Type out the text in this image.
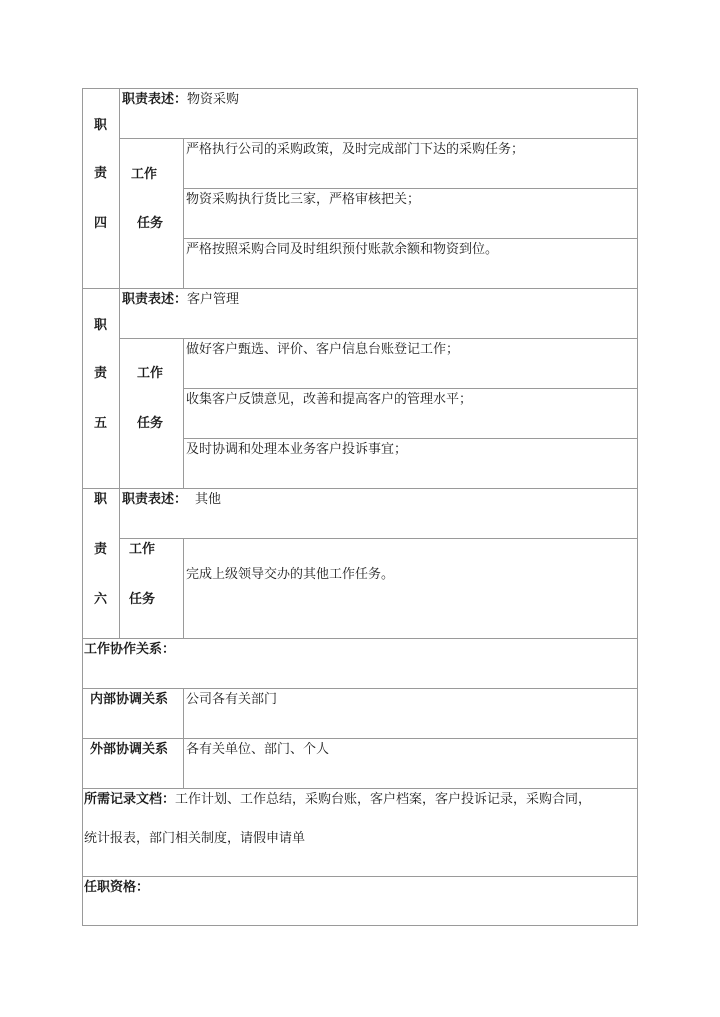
职
责
四
职责表述：物资采购
工作
任务
严格执行公司的采购政策，及时完成部门下达的采购任务；
物资采购执行货比三家，严格审核把关；
严格按照采购合同及时组织预付账款余额和物资到位。
职
责
五
职责表述：客户管理
工作
任务
做好客户甄选、评价、客户信息台账登记工作；
收集客户反馈意见，改善和提高客户的管理水平；
及时协调和处理本业务客户投诉事宜；
职
责
六
职责表述： 其他
工作
任务
完成上级领导交办的其他工作任务。
工作协作关系：
内部协调关系 公司各有关部门
外部协调关系 各有关单位、部门、个人
所需记录文档：工作计划、工作总结，采购台账，客户档案，客户投诉记录，采购合同，
统计报表，部门相关制度，请假申请单
任职资格：
